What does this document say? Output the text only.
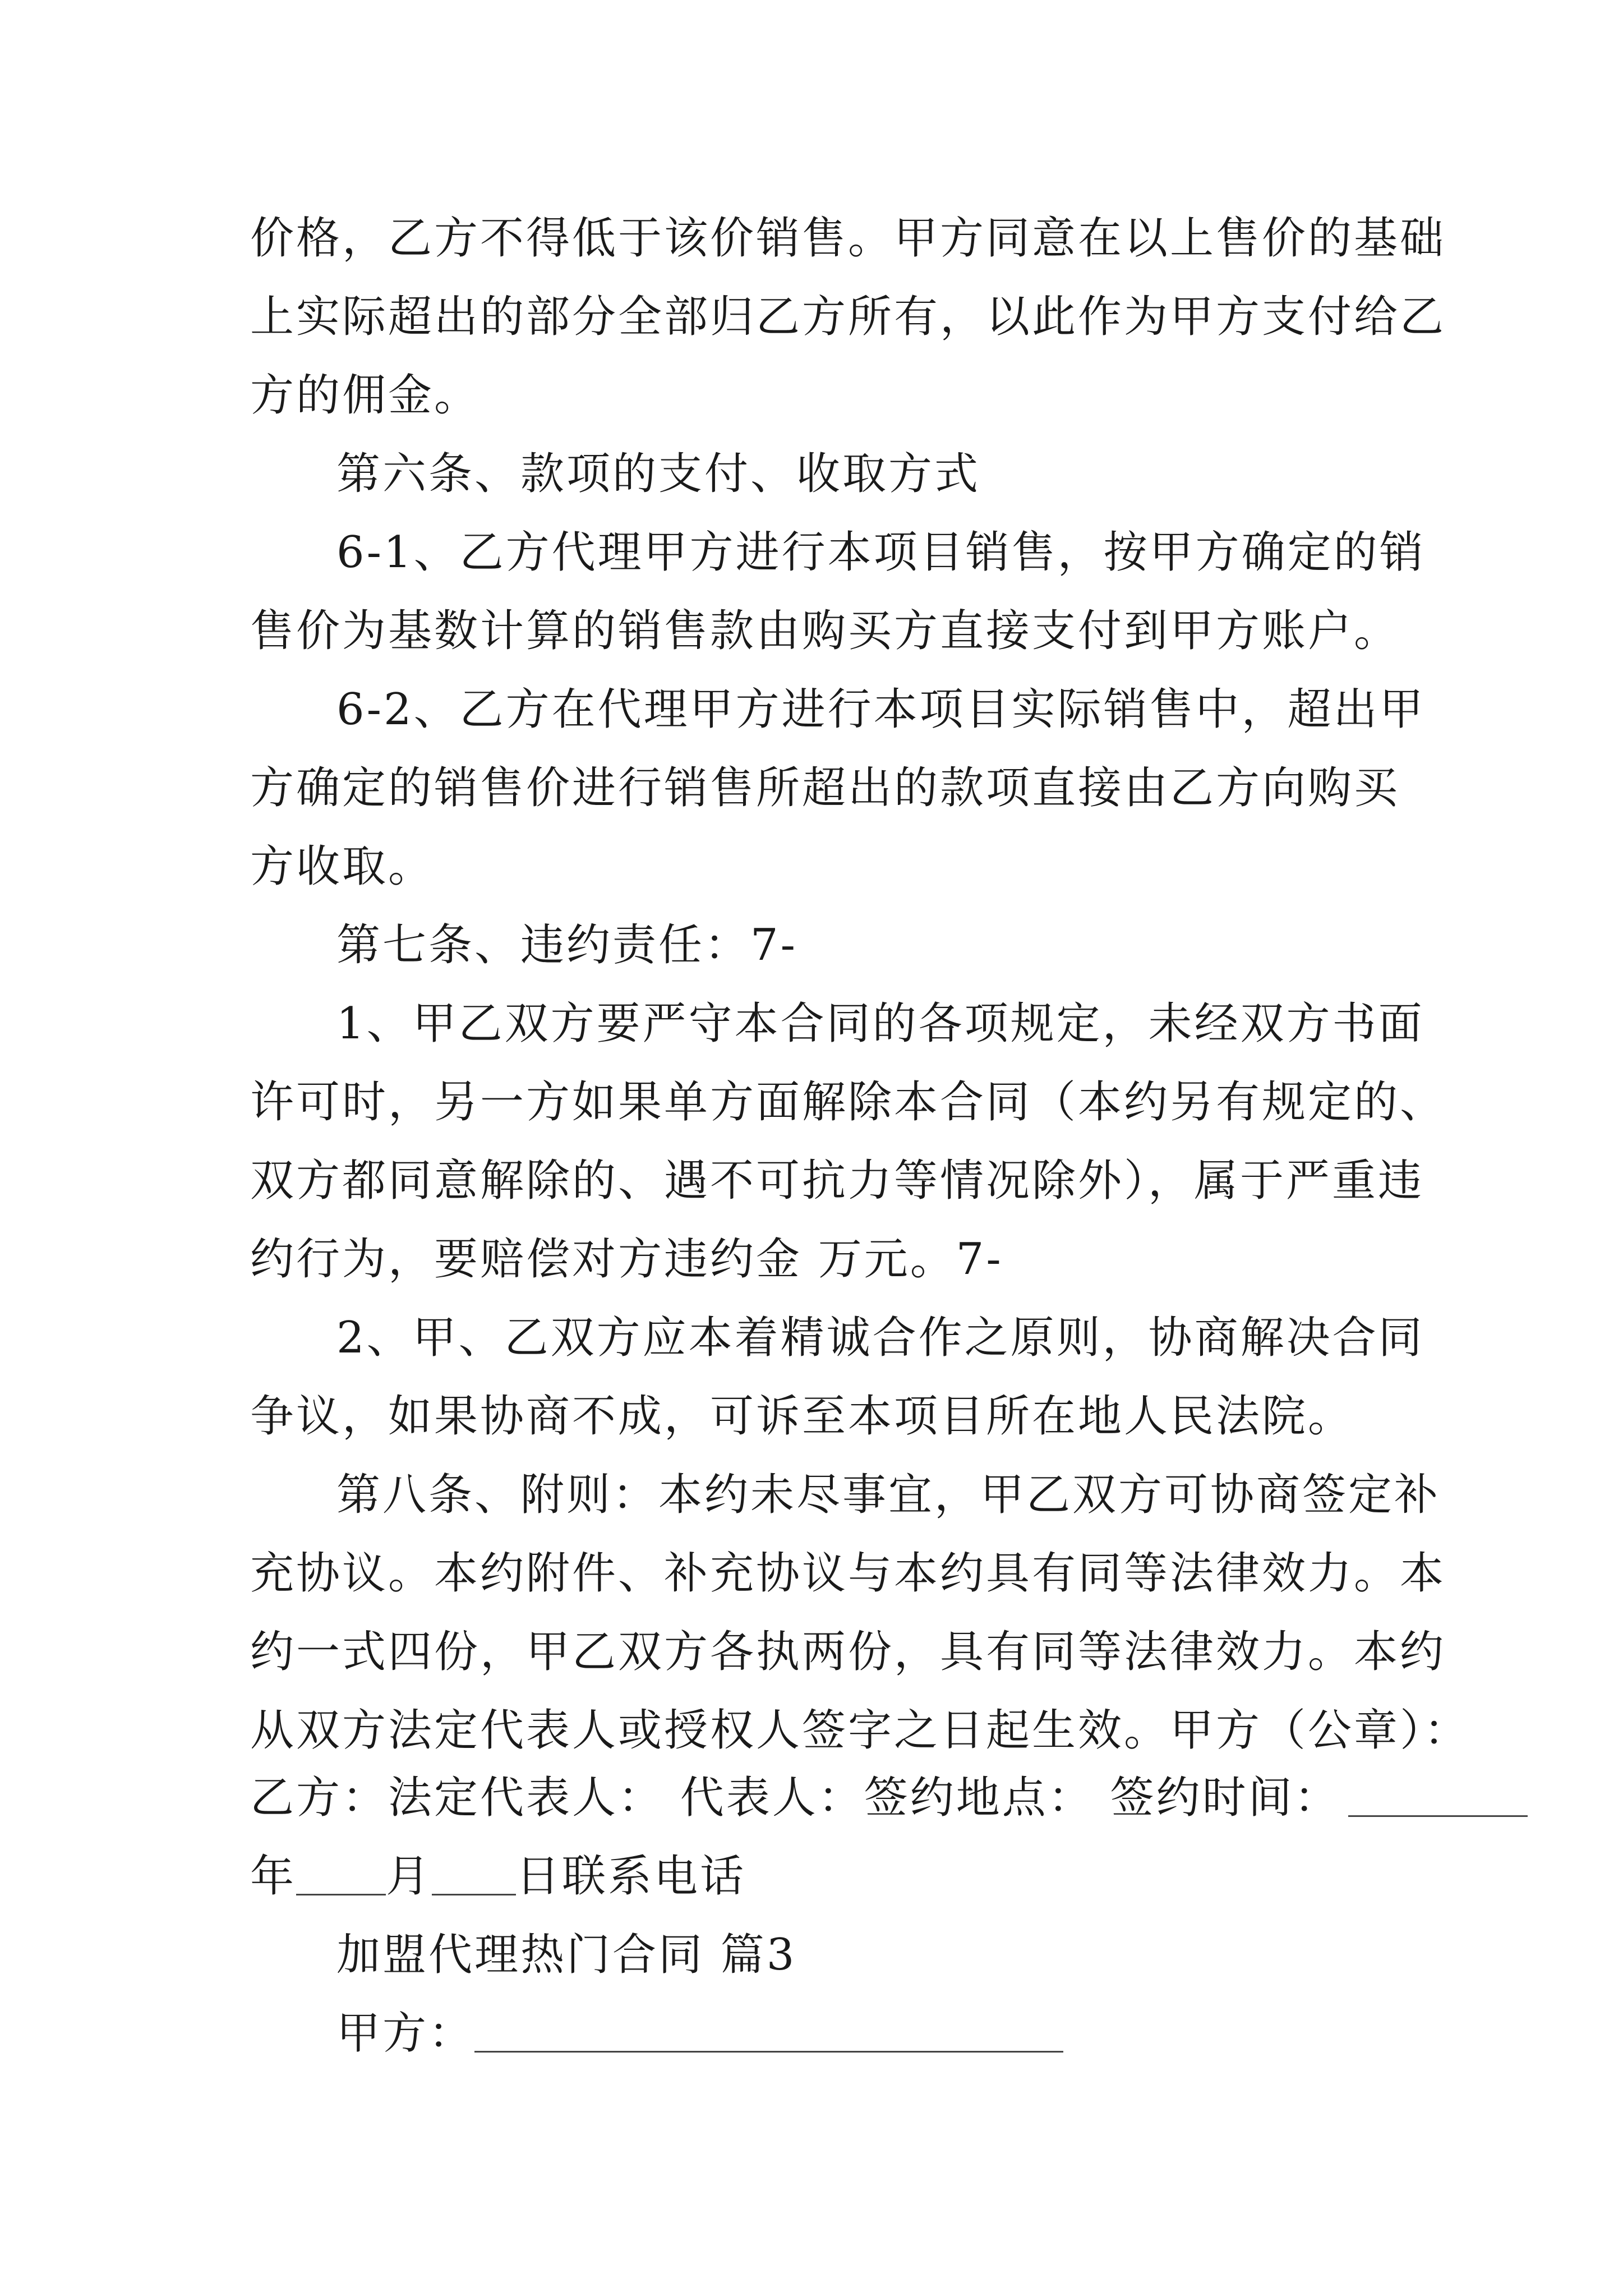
价格，乙方不得低于该价销售。甲方同意在以上售价的基础
上实际超出的部分全部归乙方所有，以此作为甲方支付给乙
方的佣金。
第六条、款项的支付、收取方式
6-1、乙方代理甲方进行本项目销售，按甲方确定的销
售价为基数计算的销售款由购买方直接支付到甲方账户。
6-2、乙方在代理甲方进行本项目实际销售中，超出甲
方确定的销售价进行销售所超出的款项直接由乙方向购买
方收取。
第七条、违约责任：7-
1、甲乙双方要严守本合同的各项规定，未经双方书面
许可时，另一方如果单方面解除本合同（本约另有规定的、
双方都同意解除的、遇不可抗力等情况除外），属于严重违
约行为，要赔偿对方违约金 万元。7-
2、甲、乙双方应本着精诚合作之原则，协商解决合同
争议，如果协商不成，可诉至本项目所在地人民法院。
第八条、附则：本约未尽事宜，甲乙双方可协商签定补
充协议。本约附件、补充协议与本约具有同等法律效力。本
约一式四份，甲乙双方各执两份，具有同等法律效力。本约
从双方法定代表人或授权人签字之日起生效。甲方（公章）：
乙方：法定代表人： 代表人：签约地点： 签约时间：
年 月 日联系电话
加盟代理热门合同 篇3
甲方：
